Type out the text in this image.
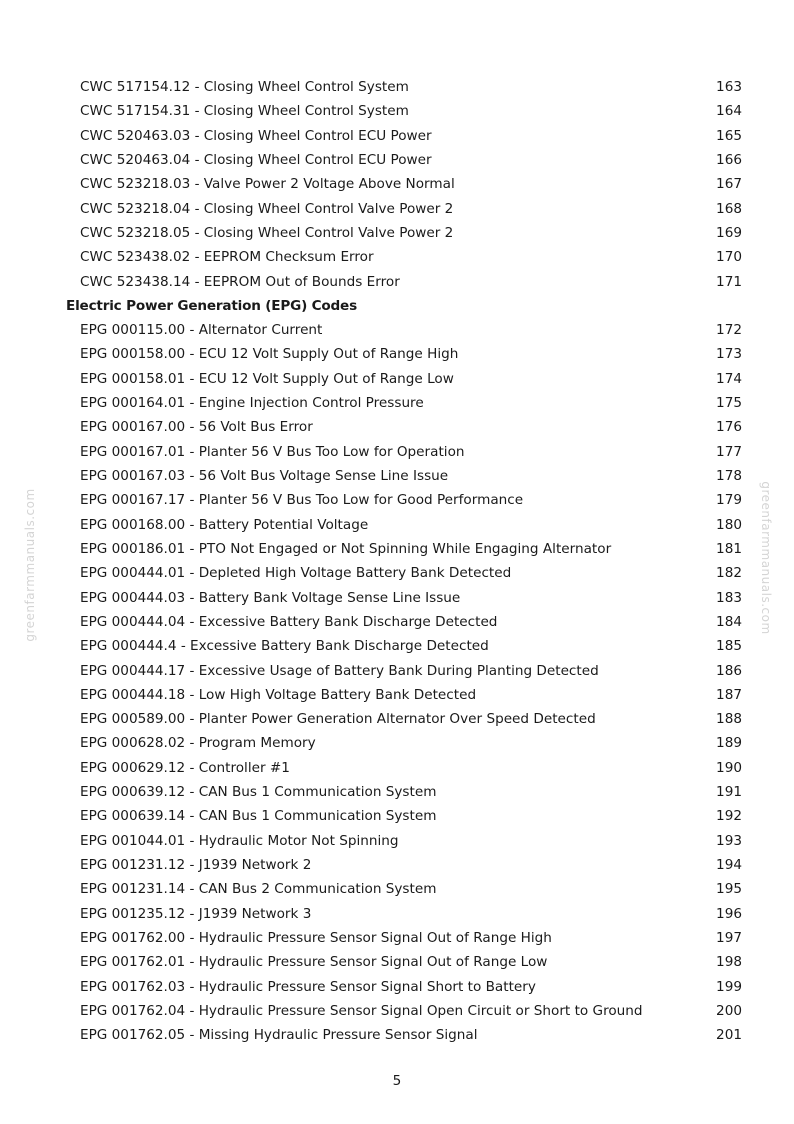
greenfarmmanuals.com	greenfarmmanuals.com
CWC 517154.12 - Closing Wheel Control System	163
CWC 517154.31 - Closing Wheel Control System	164
CWC 520463.03 - Closing Wheel Control ECU Power	165
CWC 520463.04 - Closing Wheel Control ECU Power	166
CWC 523218.03 - Valve Power 2 Voltage Above Normal	167
CWC 523218.04 - Closing Wheel Control Valve Power 2	168
CWC 523218.05 - Closing Wheel Control Valve Power 2	169
CWC 523438.02 - EEPROM Checksum Error	170
CWC 523438.14 - EEPROM Out of Bounds Error	171
Electric Power Generation (EPG) Codes
EPG 000115.00 - Alternator Current	172
EPG 000158.00 - ECU 12 Volt Supply Out of Range High	173
EPG 000158.01 - ECU 12 Volt Supply Out of Range Low	174
EPG 000164.01 - Engine Injection Control Pressure	175
EPG 000167.00 - 56 Volt Bus Error	176
EPG 000167.01 - Planter 56 V Bus Too Low for Operation	177
EPG 000167.03 - 56 Volt Bus Voltage Sense Line Issue	178
EPG 000167.17 - Planter 56 V Bus Too Low for Good Performance	179
EPG 000168.00 - Battery Potential Voltage	180
EPG 000186.01 - PTO Not Engaged or Not Spinning While Engaging Alternator	181
EPG 000444.01 - Depleted High Voltage Battery Bank Detected	182
EPG 000444.03 - Battery Bank Voltage Sense Line Issue	183
EPG 000444.04 - Excessive Battery Bank Discharge Detected	184
EPG 000444.4 - Excessive Battery Bank Discharge Detected	185
EPG 000444.17 - Excessive Usage of Battery Bank During Planting Detected	186
EPG 000444.18 - Low High Voltage Battery Bank Detected	187
EPG 000589.00 - Planter Power Generation Alternator Over Speed Detected	188
EPG 000628.02 - Program Memory	189
EPG 000629.12 - Controller #1	190
EPG 000639.12 - CAN Bus 1 Communication System	191
EPG 000639.14 - CAN Bus 1 Communication System	192
EPG 001044.01 - Hydraulic Motor Not Spinning	193
EPG 001231.12 - J1939 Network 2	194
EPG 001231.14 - CAN Bus 2 Communication System	195
EPG 001235.12 - J1939 Network 3	196
EPG 001762.00 - Hydraulic Pressure Sensor Signal Out of Range High	197
EPG 001762.01 - Hydraulic Pressure Sensor Signal Out of Range Low	198
EPG 001762.03 - Hydraulic Pressure Sensor Signal Short to Battery	199
EPG 001762.04 - Hydraulic Pressure Sensor Signal Open Circuit or Short to Ground	200
EPG 001762.05 - Missing Hydraulic Pressure Sensor Signal	201
5
